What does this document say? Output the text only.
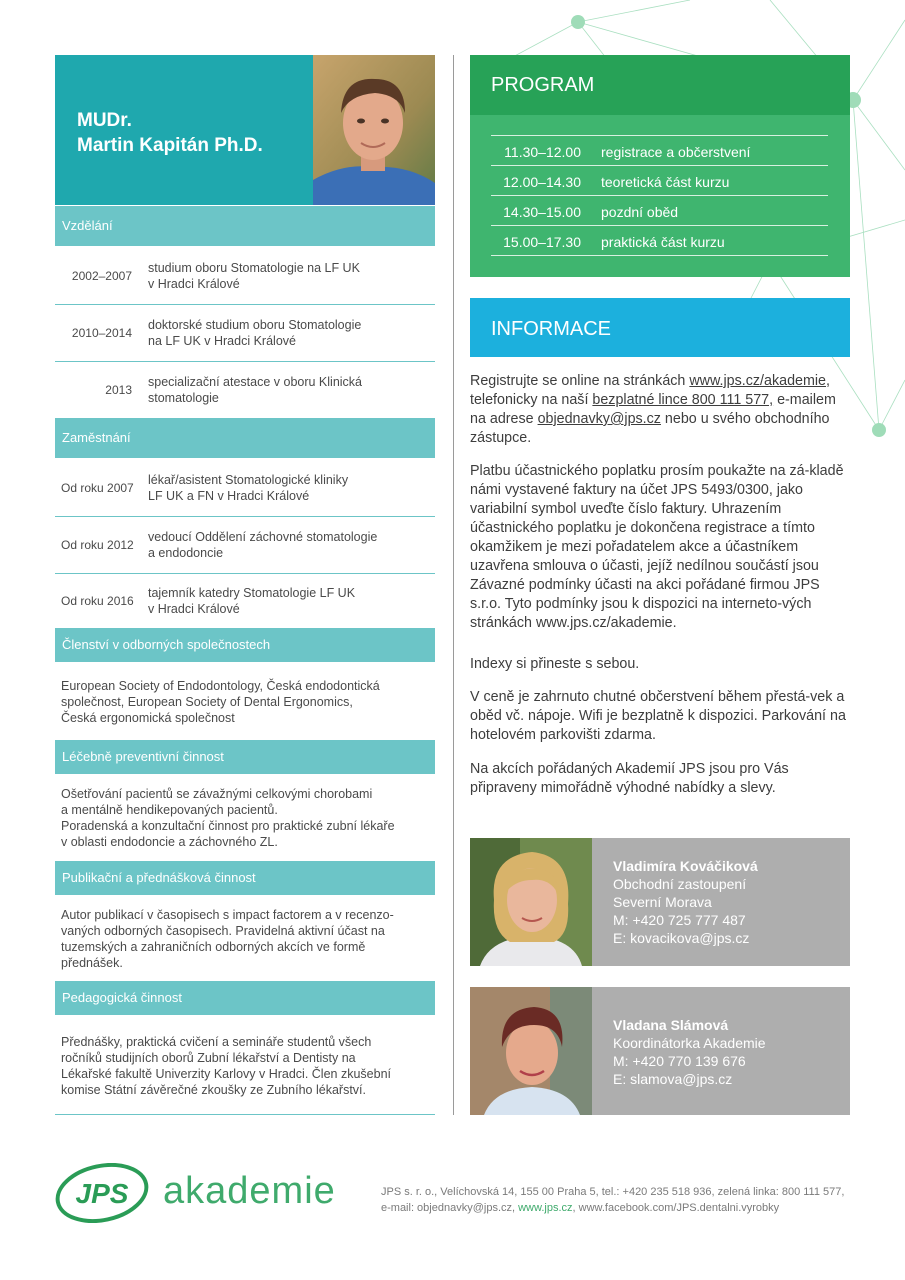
MUDr.
Martin Kapitán Ph.D.
Vzdělání
2002–2007
studium oboru Stomatologie na LF UK
v Hradci Králové
2010–2014
doktorské studium oboru Stomatologie
na LF UK v Hradci Králové
2013
specializační atestace v oboru Klinická
stomatologie
Zaměstnání
Od roku 2007
lékař/asistent Stomatologické kliniky
LF UK a FN v Hradci Králové
Od roku 2012
vedoucí Oddělení záchovné stomatologie
a endodoncie
Od roku 2016
tajemník katedry Stomatologie LF UK
v Hradci Králové
Členství v odborných společnostech
European Society of Endodontology, Česká endodontická
společnost, European Society of Dental Ergonomics,
Česká ergonomická společnost
Léčebně preventivní činnost
Ošetřování pacientů se závažnými celkovými chorobami
a mentálně hendikepovaných pacientů.
Poradenská a konzultační činnost pro praktické zubní lékaře
v oblasti endodoncie a záchovného ZL.
Publikační a přednášková činnost
Autor publikací v časopisech s impact factorem a v recenzo-
vaných odborných časopisech. Pravidelná aktivní účast na
tuzemských a zahraničních odborných akcích ve formě
přednášek.
Pedagogická činnost
Přednášky, praktická cvičení a semináře studentů všech
ročníků studijních oborů Zubní lékařství a Dentisty na
Lékařské fakultě Univerzity Karlovy v Hradci. Člen zkušební
komise Státní závěrečné zkoušky ze Zubního lékařství.
PROGRAM
11.30–12.00 registrace a občerstvení
12.00–14.30 teoretická část kurzu
14.30–15.00 pozdní oběd
15.00–17.30 praktická část kurzu
INFORMACE

Registrujte se online na stránkách www.jps.cz/akademie, telefonicky na naší bezplatné lince 800 111 577, e-mailem na adrese objednavky@jps.cz nebo u svého obchodního zástupce.

Platbu účastnického poplatku prosím poukažte na zá-kladě námi vystavené faktury na účet JPS 5493/0300, jako variabilní symbol uveďte číslo faktury. Uhrazením účastnického poplatku je dokončena registrace a tímto okamžikem je mezi pořadatelem akce a účastníkem uzavřena smlouva o účasti, jejíž nedílnou součástí jsou Závazné podmínky účasti na akci pořádané firmou JPS s.r.o. Tyto podmínky jsou k dispozici na interneto-vých stránkách www.jps.cz/akademie.
Indexy si přineste s sebou.
V ceně je zahrnuto chutné občerstvení během přestá-vek a oběd vč. nápoje. Wifi je bezplatně k dispozici. Parkování na hotelovém parkovišti zdarma.
Na akcích pořádaných Akademií JPS jsou pro Vás připraveny mimořádně výhodné nabídky a slevy.
Vladimíra Kováčiková
Obchodní zastoupení
Severní Morava
M: +420 725 777 487
E: kovacikova@jps.cz
Vladana Slámová
Koordinátorka Akademie
M: +420 770 139 676
E: slamova@jps.cz
JPS akademie	JPS s. r. o., Velíchovská 14, 155 00 Praha 5, tel.: +420 235 518 936, zelená linka: 800 111 577,
e-mail: objednavky@jps.cz, www.jps.cz, www.facebook.com/JPS.dentalni.vyrobky
